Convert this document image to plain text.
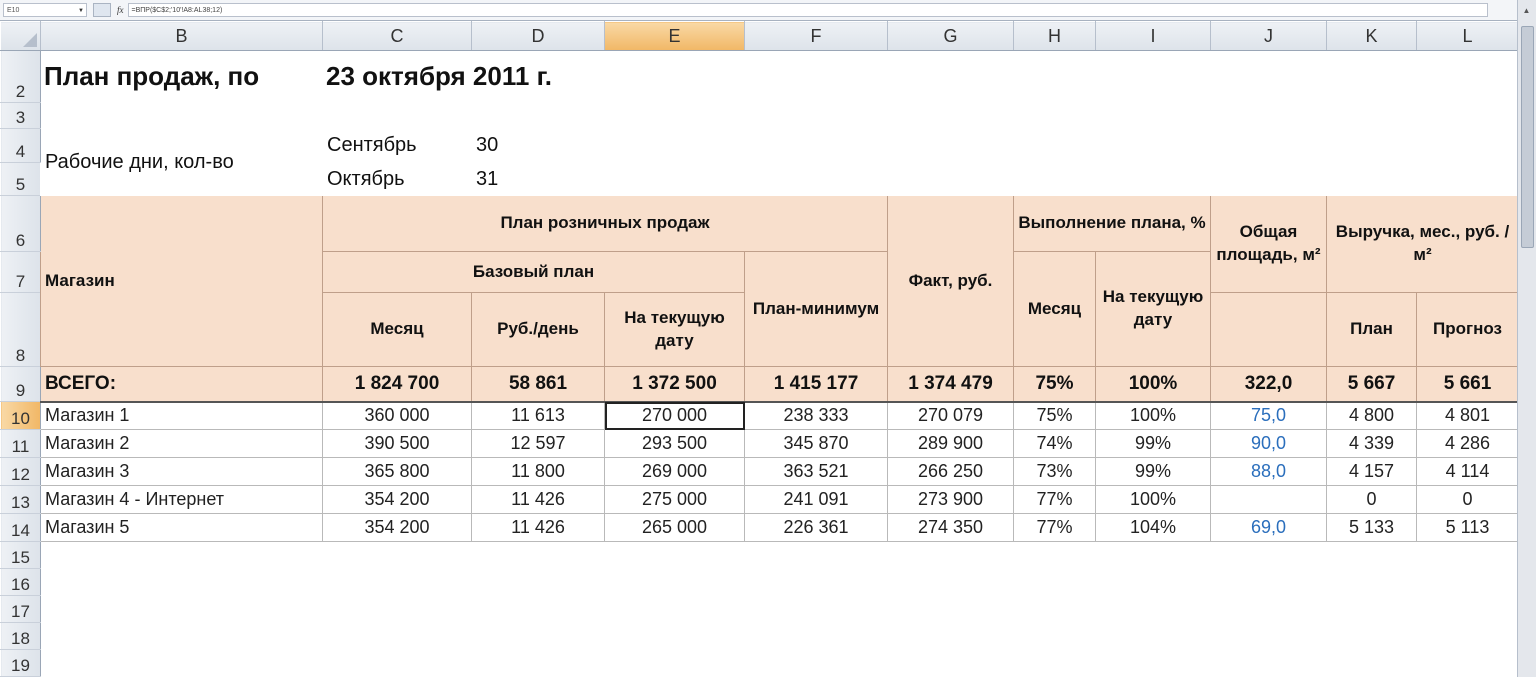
E10	▼	fx	=ВПР($C$2;'10'!A8:AL38;12)
	B	C	D	E	F	G	H	I	J	K	L
2	План продаж, по	23 октября 2011 г.									
3											
4	Рабочие дни, кол-во	Сентябрь	30								
5		Октябрь	31								
6	Магазин	План розничных продаж				Факт, руб.	Выполнение плана, %		Общая площадь, м²	Выручка, мес., руб. / м²	
7		Базовый план			План-минимум		Месяц	На текущую дату			
8		Месяц	Руб./день	На текущую дату						План	Прогноз
9	ВСЕГО:	1 824 700	58 861	1 372 500	1 415 177	1 374 479	75%	100%	322,0	5 667	5 661
10	Магазин 1	360 000	11 613	270 000	238 333	270 079	75%	100%	75,0	4 800	4 801
11	Магазин 2	390 500	12 597	293 500	345 870	289 900	74%	99%	90,0	4 339	4 286
12	Магазин 3	365 800	11 800	269 000	363 521	266 250	73%	99%	88,0	4 157	4 114
13	Магазин 4 - Интернет	354 200	11 426	275 000	241 091	273 900	77%	100%		0	0
14	Магазин 5	354 200	11 426	265 000	226 361	274 350	77%	104%	69,0	5 133	5 113
15											
16											
17											
18											
19											
▲
